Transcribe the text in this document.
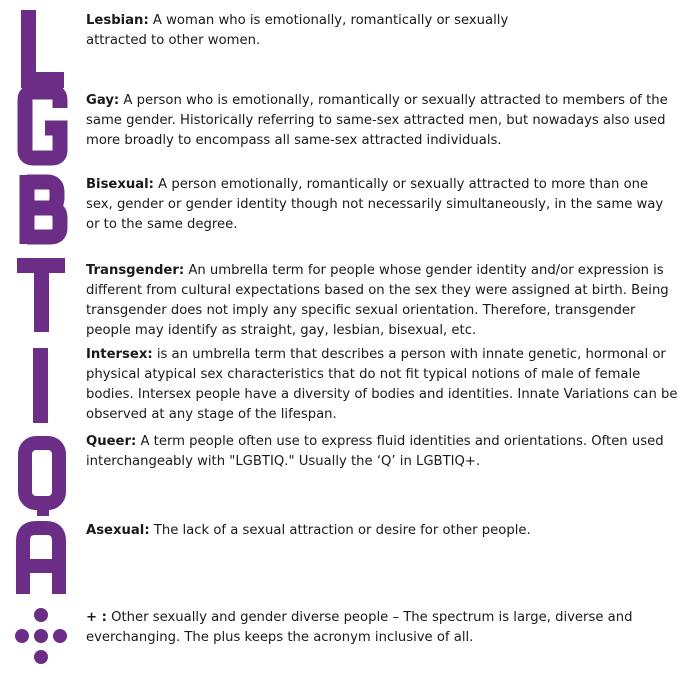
Lesbian: A woman who is emotionally, romantically or sexually attracted to other women.
Gay: A person who is emotionally, romantically or sexually attracted to members of the same gender. Historically referring to same-sex attracted men, but nowadays also used more broadly to encompass all same-sex attracted individuals.
Bisexual: A person emotionally, romantically or sexually attracted to more than one sex, gender or gender identity though not necessarily simultaneously, in the same way or to the same degree.
Transgender: An umbrella term for people whose gender identity and/or expression is different from cultural expectations based on the sex they were assigned at birth. Being transgender does not imply any specific sexual orientation. Therefore, transgender people may identify as straight, gay, lesbian, bisexual, etc.
Intersex: is an umbrella term that describes a person with innate genetic, hormonal or physical atypical sex characteristics that do not fit typical notions of male of female bodies. Intersex people have a diversity of bodies and identities. Innate Variations can be observed at any stage of the lifespan.
Queer: A term people often use to express fluid identities and orientations. Often used interchangeably with "LGBTIQ." Usually the ‘Q’ in LGBTIQ+.
Asexual: The lack of a sexual attraction or desire for other people.
+ : Other sexually and gender diverse people – The spectrum is large, diverse and everchanging. The plus keeps the acronym inclusive of all.
